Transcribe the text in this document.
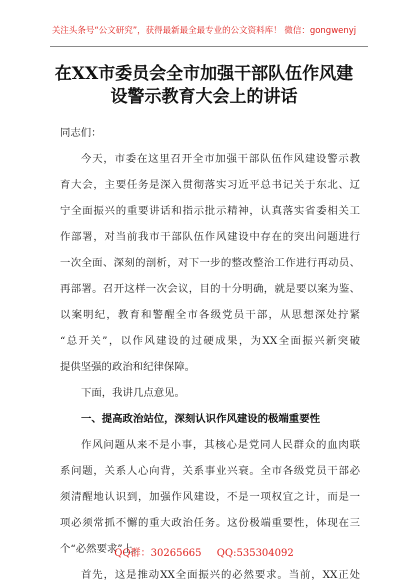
关注头条号“公文研究”，获得最新最全最专业的公文资料库！ 微信：gongwenyj
在XX市委员会全市加强干部队伍作风建
设警示教育大会上的讲话
同志们：
今天，市委在这里召开全市加强干部队伍作风建设警示教
育大会，主要任务是深入贯彻落实习近平总书记关于东北、辽
宁全面振兴的重要讲话和指示批示精神，认真落实省委相关工
作部署，对当前我市干部队伍作风建设中存在的突出问题进行
一次全面、深刻的剖析，对下一步的整改整治工作进行再动员、
再部署。召开这样一次会议，目的十分明确，就是要以案为鉴、
以案明纪，教育和警醒全市各级党员干部，从思想深处拧紧
“总开关”，以作风建设的过硬成果，为XX全面振兴新突破
提供坚强的政治和纪律保障。
下面，我讲几点意见。
一、提高政治站位，深刻认识作风建设的极端重要性
作风问题从来不是小事，其核心是党同人民群众的血肉联
系问题，关系人心向背，关系事业兴衰。全市各级党员干部必
须清醒地认识到，加强作风建设，不是一项权宜之计，而是一
项必须常抓不懈的重大政治任务。这份极端重要性，体现在三
个“必然要求”上。
首先，这是推动XX全面振兴的必然要求。当前，XX正处
QQ群：30265665 QQ:535304092
